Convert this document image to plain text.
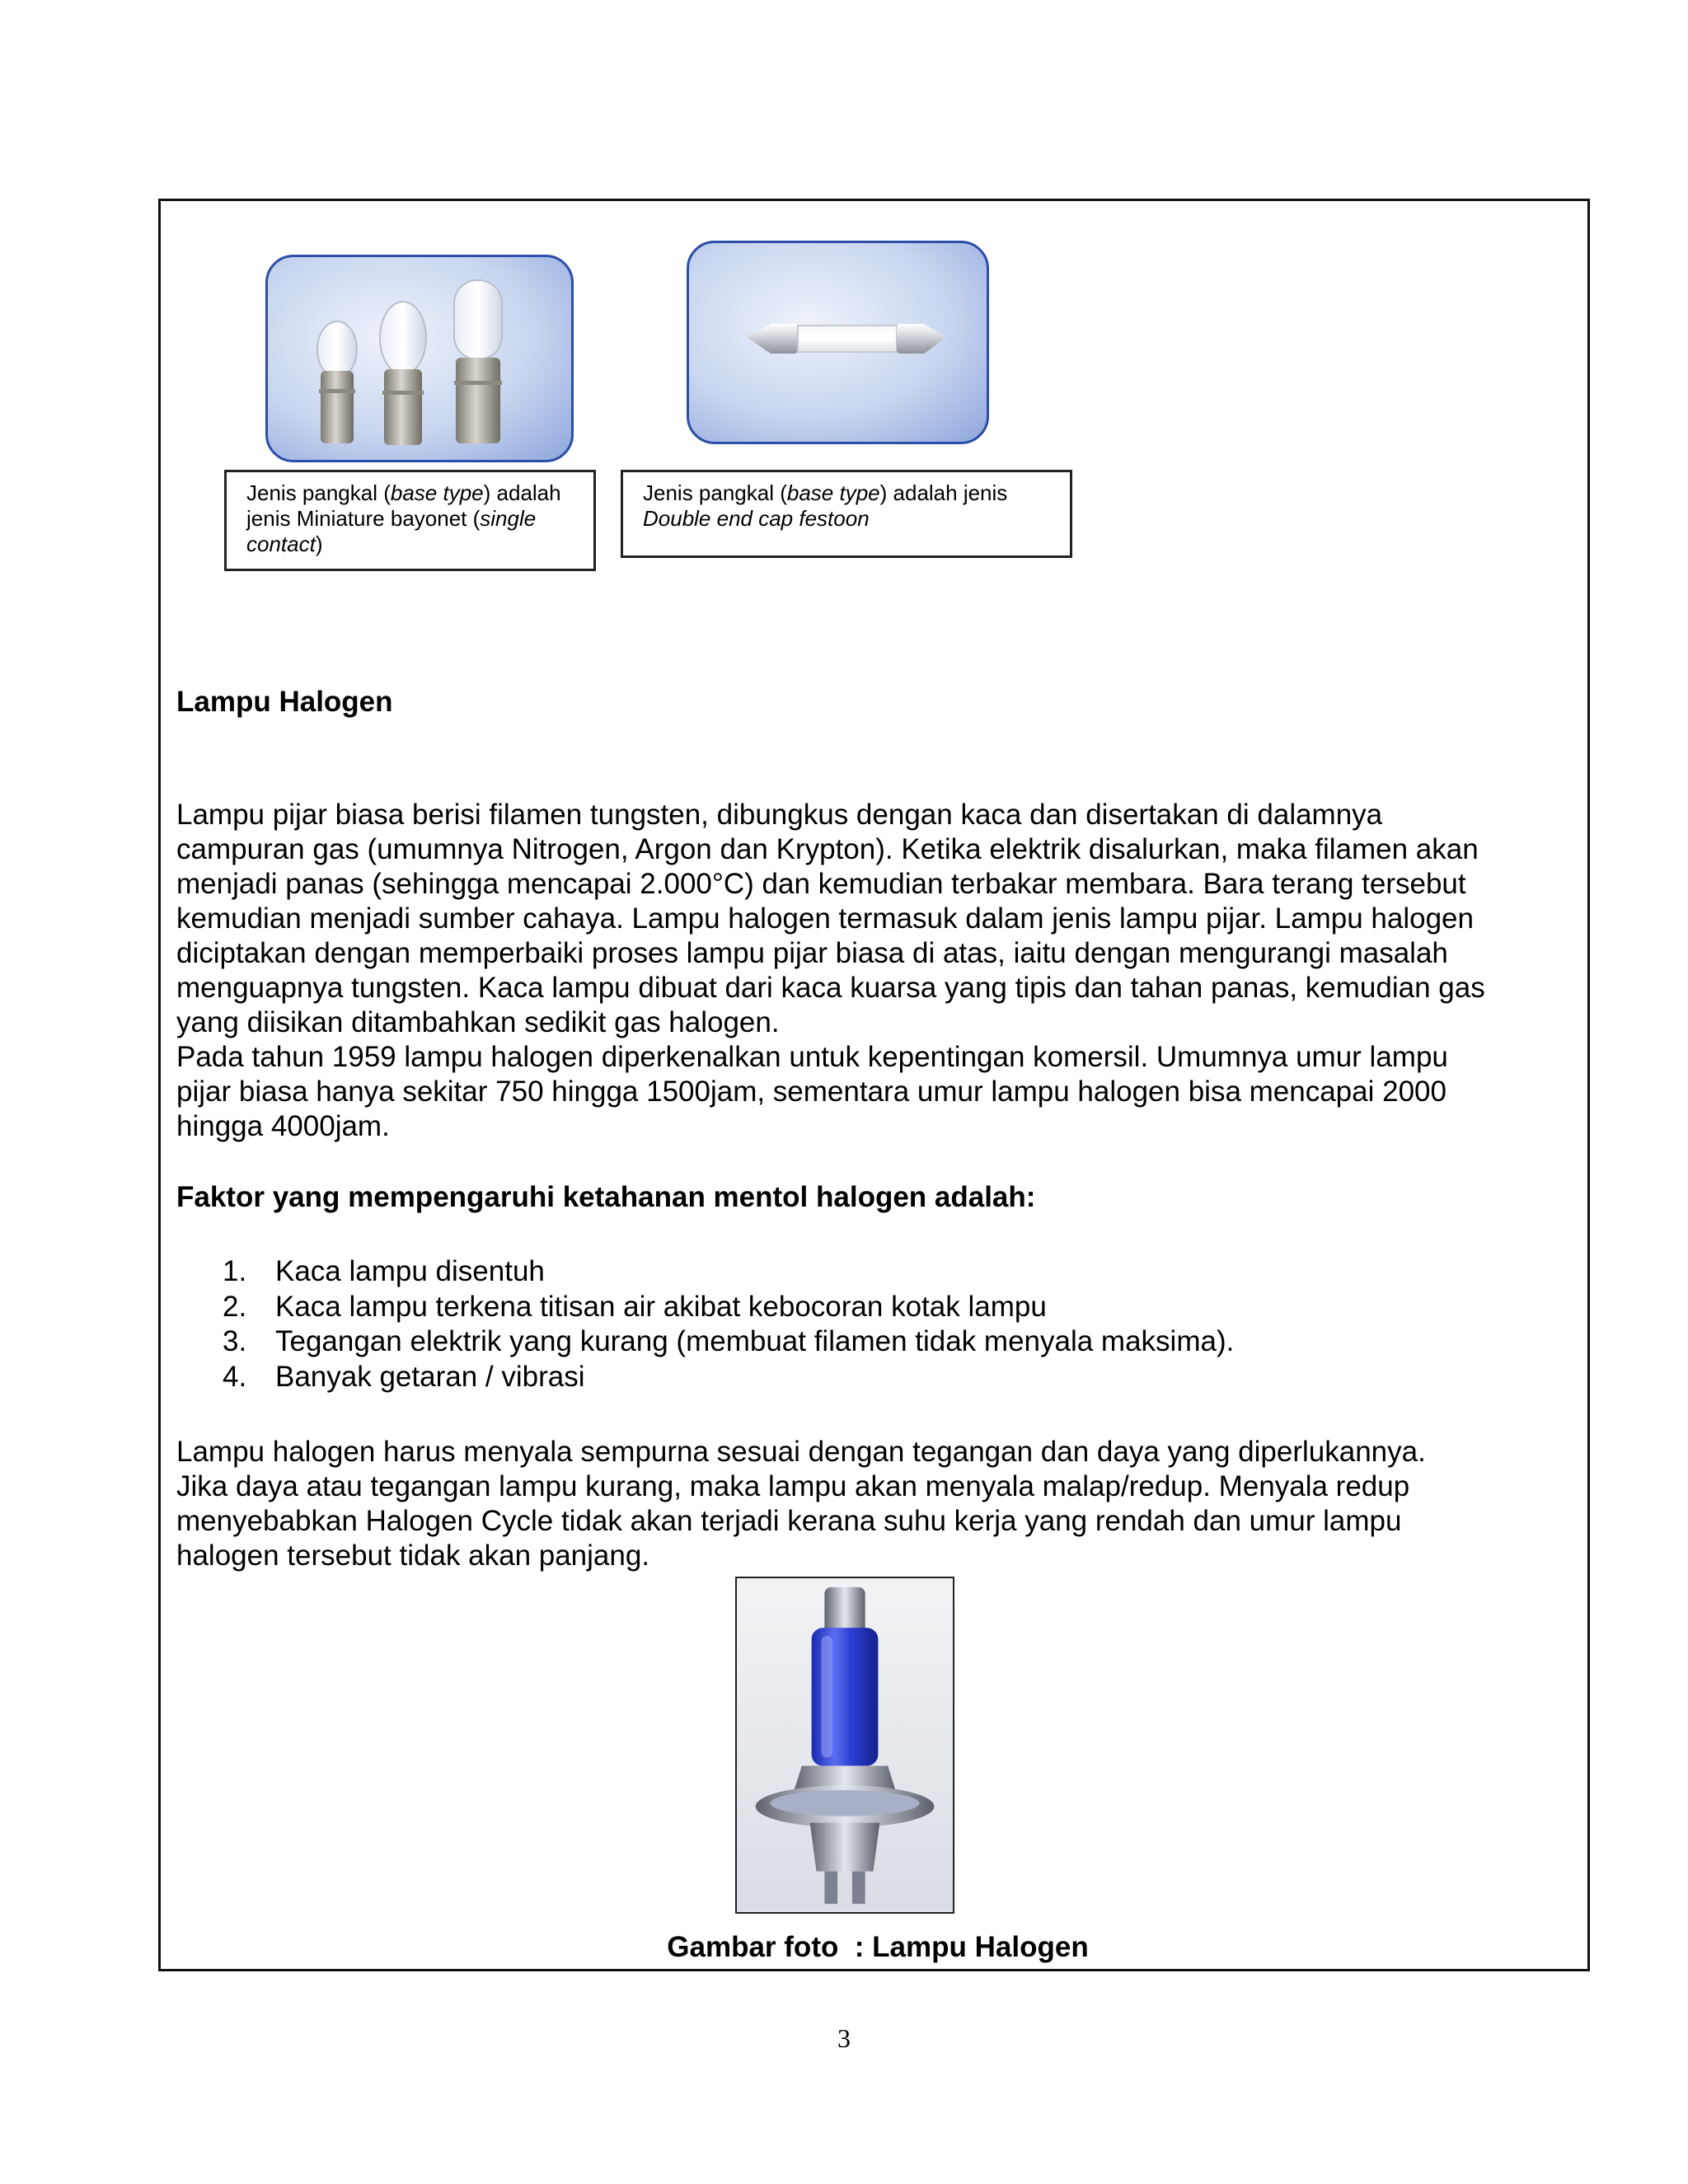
Jenis pangkal (base type) adalah
jenis Miniature bayonet (single
contact)
Jenis pangkal (base type) adalah jenis
Double end cap festoon
Lampu Halogen

Lampu pijar biasa berisi filamen tungsten, dibungkus dengan kaca dan disertakan di dalamnya
campuran gas (umumnya Nitrogen, Argon dan Krypton). Ketika elektrik disalurkan, maka filamen akan
menjadi panas (sehingga mencapai 2.000°C) dan kemudian terbakar membara. Bara terang tersebut
kemudian menjadi sumber cahaya. Lampu halogen termasuk dalam jenis lampu pijar. Lampu halogen
diciptakan dengan memperbaiki proses lampu pijar biasa di atas, iaitu dengan mengurangi masalah
menguapnya tungsten. Kaca lampu dibuat dari kaca kuarsa yang tipis dan tahan panas, kemudian gas
yang diisikan ditambahkan sedikit gas halogen.
Pada tahun 1959 lampu halogen diperkenalkan untuk kepentingan komersil. Umumnya umur lampu
pijar biasa hanya sekitar 750 hingga 1500jam, sementara umur lampu halogen bisa mencapai 2000
hingga 4000jam.

Faktor yang mempengaruhi ketahanan mentol halogen adalah:
1. Kaca lampu disentuh
2. Kaca lampu terkena titisan air akibat kebocoran kotak lampu
3. Tegangan elektrik yang kurang (membuat filamen tidak menyala maksima).
4. Banyak getaran / vibrasi

Lampu halogen harus menyala sempurna sesuai dengan tegangan dan daya yang diperlukannya.
Jika daya atau tegangan lampu kurang, maka lampu akan menyala malap/redup. Menyala redup
menyebabkan Halogen Cycle tidak akan terjadi kerana suhu kerja yang rendah dan umur lampu
halogen tersebut tidak akan panjang.

Gambar foto  : Lampu Halogen
3
